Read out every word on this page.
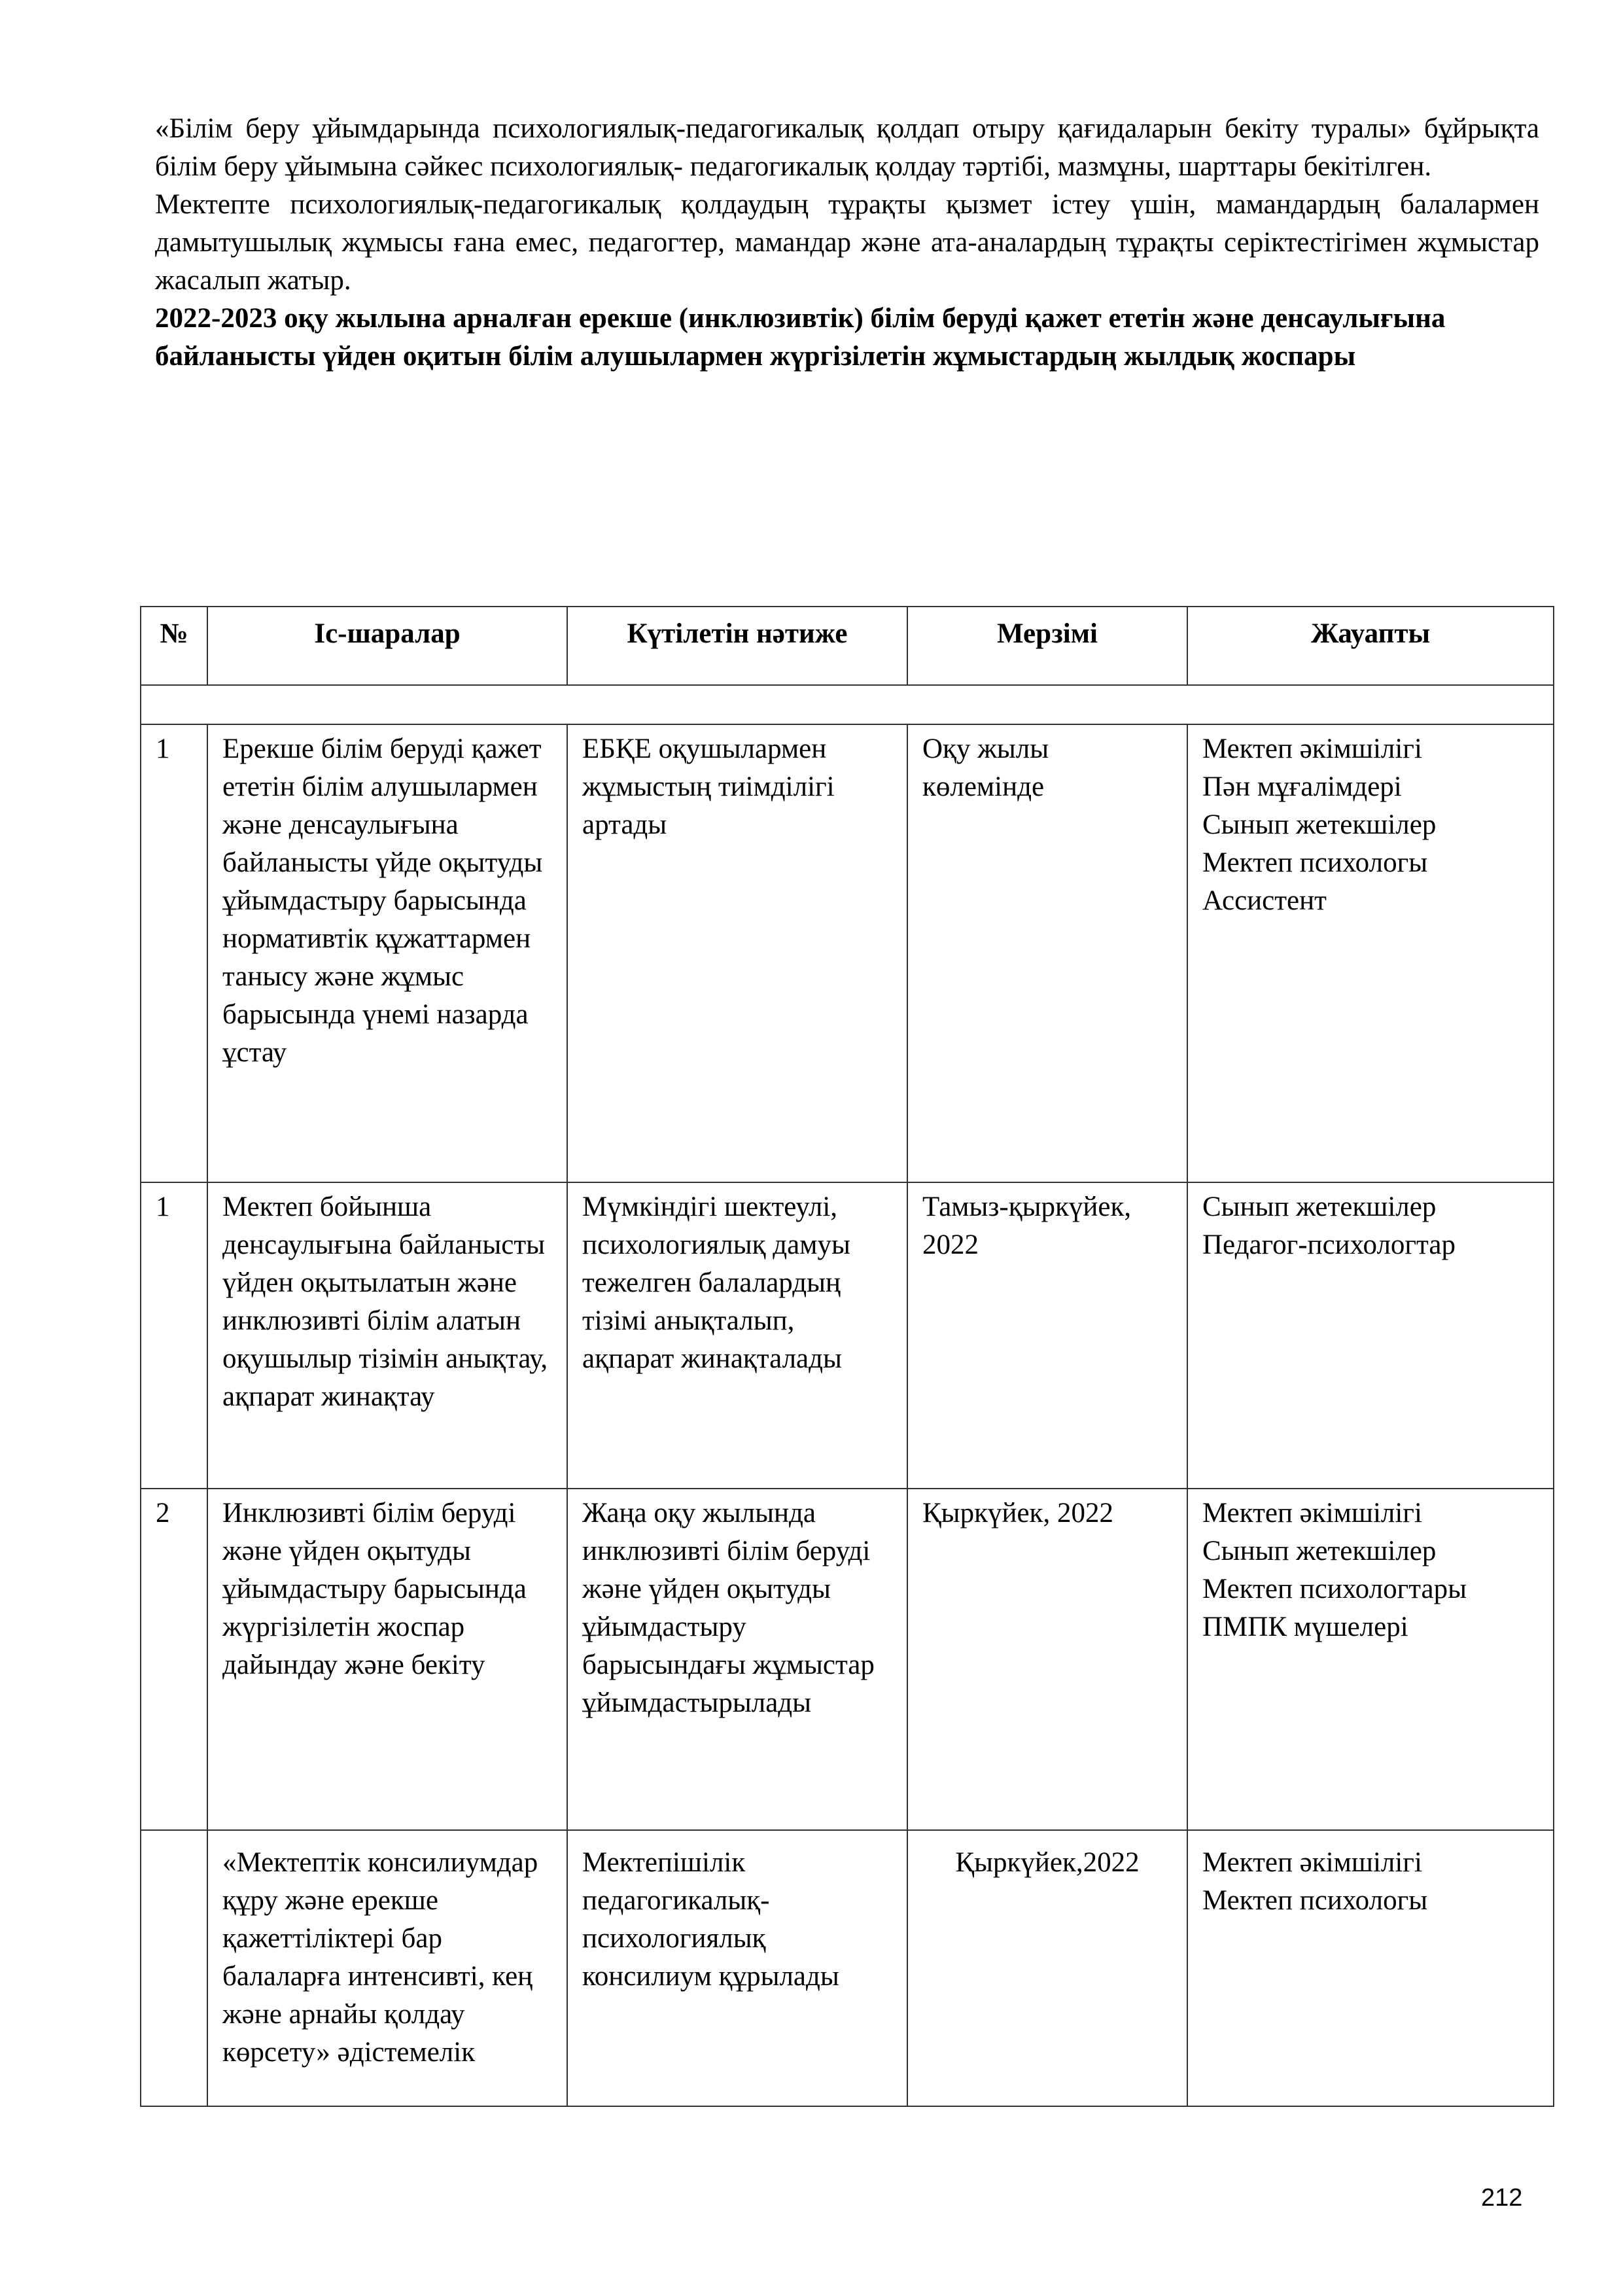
«Білім беру ұйымдарында психологиялық-педагогикалық қолдап отыру қағидаларын бекіту туралы» бұйрықта білім беру ұйымына сәйкес психологиялық- педагогикалық қолдау тәртібі, мазмұны, шарттары бекітілген.

Мектепте психологиялық-педагогикалық қолдаудың тұрақты қызмет істеу үшін, мамандардың балалармен дамытушылық жұмысы ғана емес, педагогтер, мамандар және ата-аналардың тұрақты серіктестігімен жұмыстар жасалып жатыр.

2022-2023 оқу жылына арналған ерекше (инклюзивтік) білім беруді қажет ететін және денсаулығына байланысты үйден оқитын білім алушылармен жүргізілетін жұмыстардың жылдық жоспары

№	Іс-шаралар	Күтілетін нәтиже	Мерзімі	Жауапты

1	Ерекше білім беруді қажет ететін білім алушылармен және денсаулығына байланысты үйде оқытуды ұйымдастыру барысында нормативтік құжаттармен танысу және жұмыс барысында үнемі назарда ұстау	ЕБҚЕ оқушылармен жұмыстың тиімділігі артады	Оқу жылы көлемінде	Мектеп әкімшілігі
Пән мұғалімдері
Сынып жетекшілер
Мектеп психологы
Ассистент

1	Мектеп бойынша денсаулығына байланысты үйден оқытылатын және инклюзивті білім алатын оқушылыр тізімін анықтау, ақпарат жинақтау	Мүмкіндігі шектеулі, психологиялық дамуы тежелген балалардың тізімі анықталып, ақпарат жинақталады	Тамыз-қыркүйек, 2022	Сынып жетекшілер
Педагог-психологтар

2	Инклюзивті білім беруді және үйден оқытуды ұйымдастыру барысында жүргізілетін жоспар дайындау және бекіту	Жаңа оқу жылында инклюзивті білім беруді және үйден оқытуды ұйымдастыру барысындағы жұмыстар ұйымдастырылады	Қыркүйек, 2022	Мектеп әкімшілігі
Сынып жетекшілер
Мектеп психологтары
ПМПК мүшелері

	«Мектептік консилиумдар құру және ерекше қажеттіліктері бар балаларға интенсивті, кең және арнайы қолдау көрсету» әдістемелік	Мектепішілік педагогикалық-психологиялық консилиум құрылады	Қыркүйек,2022	Мектеп әкімшілігі
Мектеп психологы
212
